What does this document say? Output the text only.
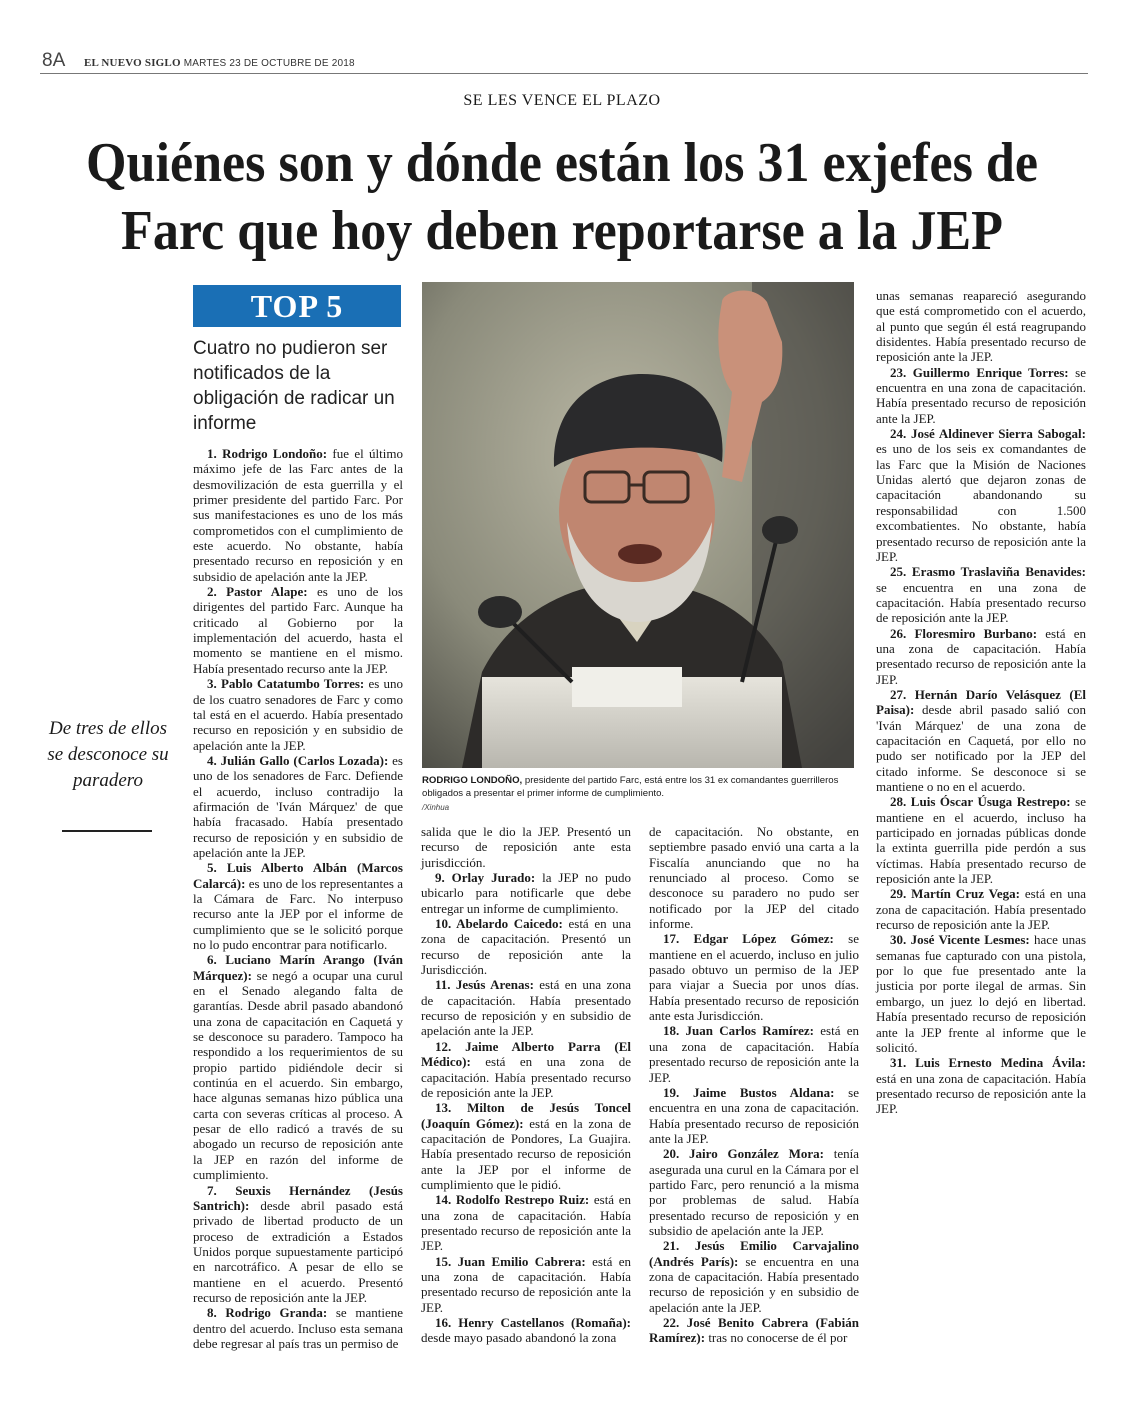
8A EL NUEVO SIGLO MARTES 23 DE OCTUBRE DE 2018
SE LES VENCE EL PLAZO
Quiénes son y dónde están los 31 exjefes de
Farc que hoy deben reportarse a la JEP
TOP 5
Cuatro no pudieron ser notificados de la obligación de radicar un informe
De tres de ellos se desconoce su paradero	RODRIGO LONDOÑO, presidente del partido Farc, está entre los 31 ex comandantes guerrilleros obligados a presentar el primer informe de cumplimiento.
/Xinhua

1. Rodrigo Londoño: fue el último máximo jefe de las Farc antes de la desmovilización de esta guerrilla y el primer presidente del partido Farc. Por sus manifestaciones es uno de los más comprometidos con el cumplimiento de este acuerdo. No obstante, había presentado recurso en reposición y en subsidio de apelación ante la JEP.

2. Pastor Alape: es uno de los dirigentes del partido Farc. Aunque ha criticado al Gobierno por la implementación del acuerdo, hasta el momento se mantiene en el mismo. Había presentado recurso ante la JEP.

3. Pablo Catatumbo Torres: es uno de los cuatro senadores de Farc y como tal está en el acuerdo. Había presentado recurso en reposición y en subsidio de apelación ante la JEP.

4. Julián Gallo (Carlos Lozada): es uno de los senadores de Farc. Defiende el acuerdo, incluso contradijo la afirmación de 'Iván Márquez' de que había fracasado. Había presentado recurso de reposición y en subsidio de apelación ante la JEP.

5. Luis Alberto Albán (Marcos Calarcá): es uno de los representantes a la Cámara de Farc. No interpuso recurso ante la JEP por el informe de cumplimiento que se le solicitó porque no lo pudo encontrar para notificarlo.

6. Luciano Marín Arango (Iván Márquez): se negó a ocupar una curul en el Senado alegando falta de garantías. Desde abril pasado abandonó una zona de capacitación en Caquetá y se desconoce su paradero. Tampoco ha respondido a los requerimientos de su propio partido pidiéndole decir si continúa en el acuerdo. Sin embargo, hace algunas semanas hizo pública una carta con severas críticas al proceso. A pesar de ello radicó a través de su abogado un recurso de reposición ante la JEP en razón del informe de cumplimiento.

7. Seuxis Hernández (Jesús Santrich): desde abril pasado está privado de libertad producto de un proceso de extradición a Estados Unidos porque supuestamente participó en narcotráfico. A pesar de ello se mantiene en el acuerdo. Presentó recurso de reposición ante la JEP.

8. Rodrigo Granda: se mantiene dentro del acuerdo. Incluso esta semana debe regresar al país tras un permiso de

salida que le dio la JEP. Presentó un recurso de reposición ante esta jurisdicción.

9. Orlay Jurado: la JEP no pudo ubicarlo para notificarle que debe entregar un informe de cumplimiento.

10. Abelardo Caicedo: está en una zona de capacitación. Presentó un recurso de reposición ante la Jurisdicción.

11. Jesús Arenas: está en una zona de capacitación. Había presentado recurso de reposición y en subsidio de apelación ante la JEP.

12. Jaime Alberto Parra (El Médico): está en una zona de capacitación. Había presentado recurso de reposición ante la JEP.

13. Milton de Jesús Toncel (Joaquín Gómez): está en la zona de capacitación de Pondores, La Guajira. Había presentado recurso de reposición ante la JEP por el informe de cumplimiento que le pidió.

14. Rodolfo Restrepo Ruiz: está en una zona de capacitación. Había presentado recurso de reposición ante la JEP.

15. Juan Emilio Cabrera: está en una zona de capacitación. Había presentado recurso de reposición ante la JEP.

16. Henry Castellanos (Romaña): desde mayo pasado abandonó la zona

de capacitación. No obstante, en septiembre pasado envió una carta a la Fiscalía anunciando que no ha renunciado al proceso. Como se desconoce su paradero no pudo ser notificado por la JEP del citado informe.

17. Edgar López Gómez: se mantiene en el acuerdo, incluso en julio pasado obtuvo un permiso de la JEP para viajar a Suecia por unos días. Había presentado recurso de reposición ante esta Jurisdicción.

18. Juan Carlos Ramírez: está en una zona de capacitación. Había presentado recurso de reposición ante la JEP.

19. Jaime Bustos Aldana: se encuentra en una zona de capacitación. Había presentado recurso de reposición ante la JEP.

20. Jairo González Mora: tenía asegurada una curul en la Cámara por el partido Farc, pero renunció a la misma por problemas de salud. Había presentado recurso de reposición y en subsidio de apelación ante la JEP.

21. Jesús Emilio Carvajalino (Andrés París): se encuentra en una zona de capacitación. Había presentado recurso de reposición y en subsidio de apelación ante la JEP.

22. José Benito Cabrera (Fabián Ramírez): tras no conocerse de él por

unas semanas reapareció asegurando que está comprometido con el acuerdo, al punto que según él está reagrupando disidentes. Había presentado recurso de reposición ante la JEP.

23. Guillermo Enrique Torres: se encuentra en una zona de capacitación. Había presentado recurso de reposición ante la JEP.

24. José Aldinever Sierra Sabogal: es uno de los seis ex comandantes de las Farc que la Misión de Naciones Unidas alertó que dejaron zonas de capacitación abandonando su responsabilidad con 1.500 excombatientes. No obstante, había presentado recurso de reposición ante la JEP.

25. Erasmo Traslaviña Benavides: se encuentra en una zona de capacitación. Había presentado recurso de reposición ante la JEP.

26. Floresmiro Burbano: está en una zona de capacitación. Había presentado recurso de reposición ante la JEP.

27. Hernán Darío Velásquez (El Paisa): desde abril pasado salió con 'Iván Márquez' de una zona de capacitación en Caquetá, por ello no pudo ser notificado por la JEP del citado informe. Se desconoce si se mantiene o no en el acuerdo.

28. Luis Óscar Úsuga Restrepo: se mantiene en el acuerdo, incluso ha participado en jornadas públicas donde la extinta guerrilla pide perdón a sus víctimas. Había presentado recurso de reposición ante la JEP.

29. Martín Cruz Vega: está en una zona de capacitación. Había presentado recurso de reposición ante la JEP.

30. José Vicente Lesmes: hace unas semanas fue capturado con una pistola, por lo que fue presentado ante la justicia por porte ilegal de armas. Sin embargo, un juez lo dejó en libertad. Había presentado recurso de reposición ante la JEP frente al informe que le solicitó.

31. Luis Ernesto Medina Ávila: está en una zona de capacitación. Había presentado recurso de reposición ante la JEP.
